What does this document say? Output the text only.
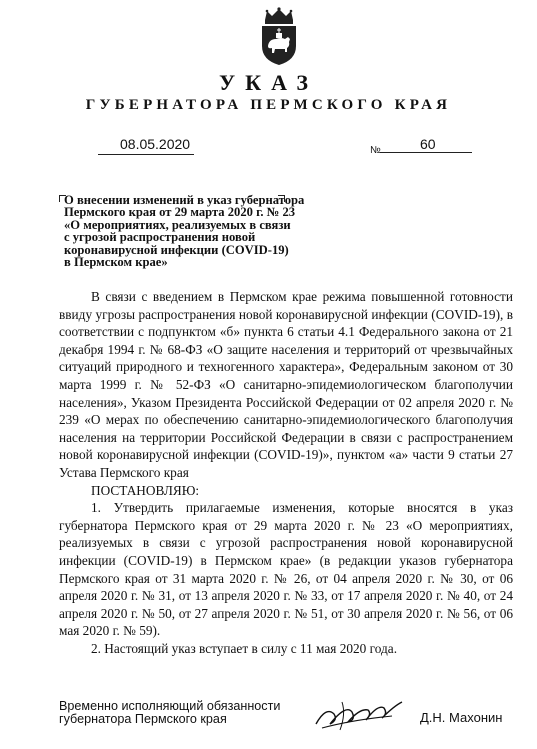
УКАЗ
ГУБЕРНАТОРА ПЕРМСКОГО КРАЯ
08.05.2020	№	60
О внесении изменений в указ губернатора
Пермского края от 29 марта 2020 г. № 23
«О мероприятиях, реализуемых в связи
с угрозой распространения новой
коронавирусной инфекции (COVID-19)
в Пермском крае»

В связи с введением в Пермском крае режима повышенной готовности ввиду угрозы распространения новой коронавирусной инфекции (COVID-19), в соответствии с подпунктом «б» пункта 6 статьи 4.1 Федерального закона от 21 декабря 1994 г. № 68-ФЗ «О защите населения и территорий от чрезвычайных ситуаций природного и техногенного характера», Федеральным законом от 30 марта 1999 г. № 52-ФЗ «О санитарно-эпидемиологическом благополучии населения», Указом Президента Российской Федерации от 02 апреля 2020 г. № 239 «О мерах по обеспечению санитарно-эпидемиологического благополучия населения на территории Российской Федерации в связи с распространением новой коронавирусной инфекции (COVID-19)», пунктом «а» части 9 статьи 27 Устава Пермского края

ПОСТАНОВЛЯЮ:

1. Утвердить прилагаемые изменения, которые вносятся в указ губернатора Пермского края от 29 марта 2020 г. № 23 «О мероприятиях, реализуемых в связи с угрозой распространения новой коронавирусной инфекции (COVID-19) в Пермском крае» (в редакции указов губернатора Пермского края от 31 марта 2020 г. № 26, от 04 апреля 2020 г. № 30, от 06 апреля 2020 г. № 31, от 13 апреля 2020 г. № 33, от 17 апреля 2020 г. № 40, от 24 апреля 2020 г. № 50, от 27 апреля 2020 г. № 51, от 30 апреля 2020 г. № 56, от 06 мая 2020 г. № 59).

2. Настоящий указ вступает в силу с 11 мая 2020 года.

Временно исполняющий обязанности
губернатора Пермского края	Д.Н. Махонин
